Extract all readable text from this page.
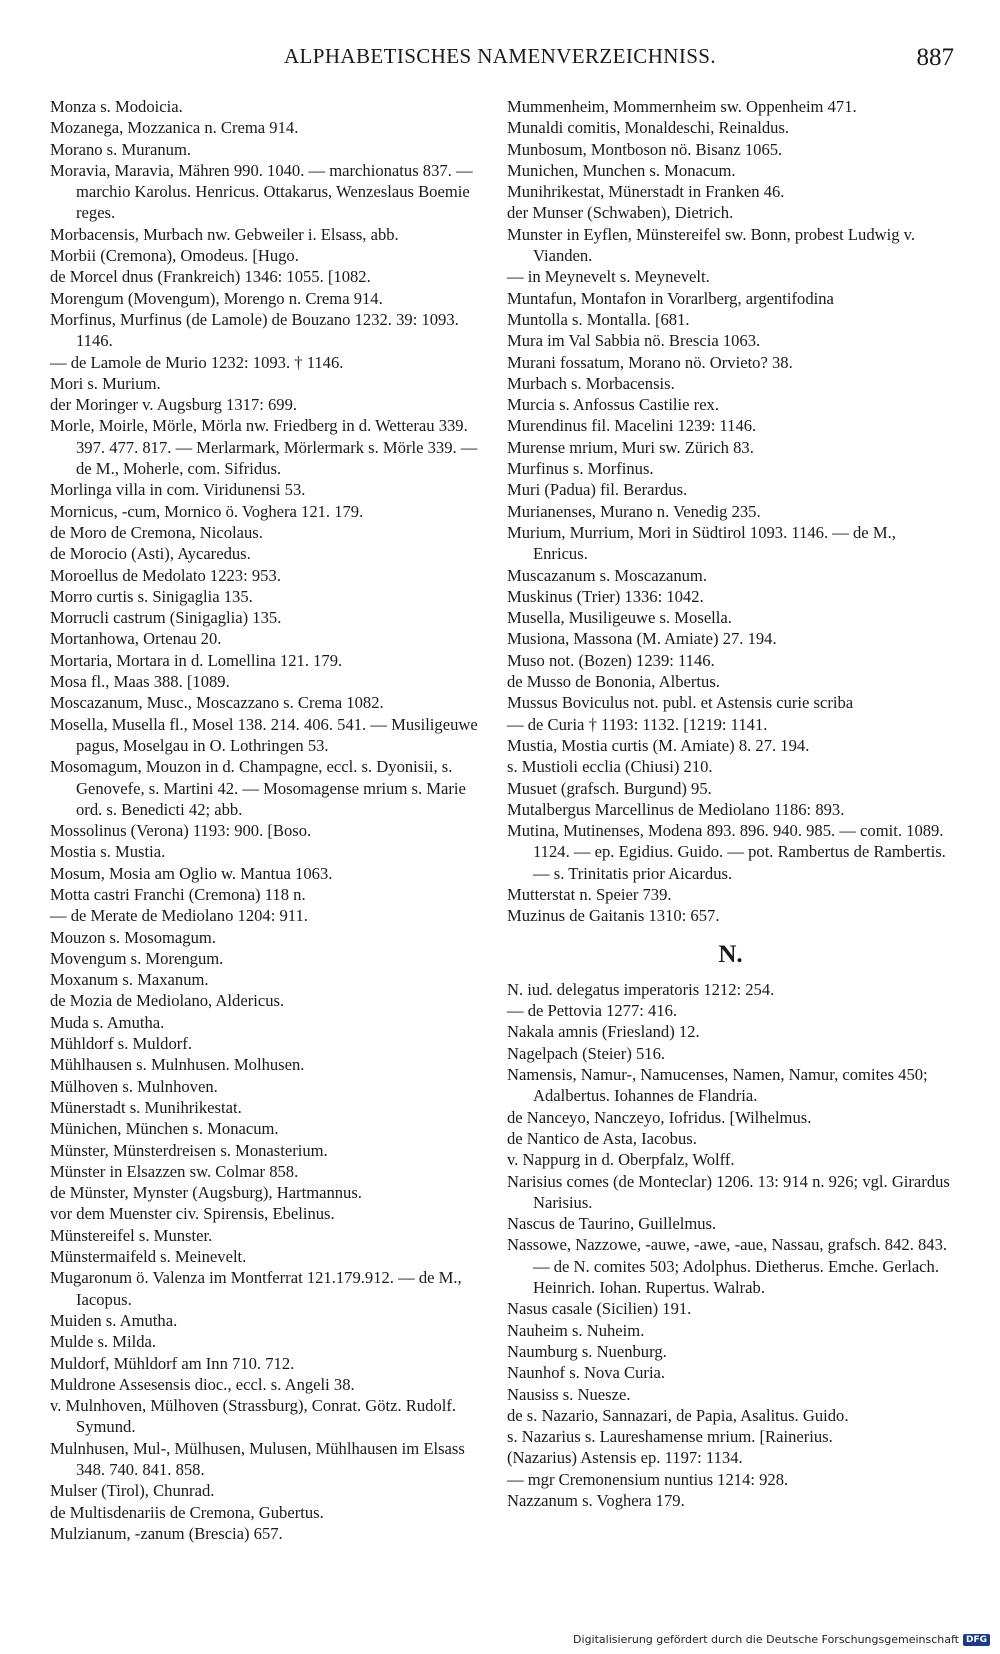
ALPHABETISCHES NAMENVERZEICHNISS.	887
Monza s. Modoicia.
Mozanega, Mozzanica n. Crema 914.
Morano s. Muranum.
Moravia, Maravia, Mähren 990. 1040. — marchionatus 837. — marchio Karolus. Henricus. Ottakarus, Wenzeslaus Boemie reges.
Morbacensis, Murbach nw. Gebweiler i. Elsass, abb.
Morbii (Cremona), Omodeus. [Hugo.
de Morcel dnus (Frankreich) 1346: 1055. [1082.
Morengum (Movengum), Morengo n. Crema 914.
Morfinus, Murfinus (de Lamole) de Bouzano 1232. 39: 1093. 1146.
— de Lamole de Murio 1232: 1093. † 1146.
Mori s. Murium.
der Moringer v. Augsburg 1317: 699.
Morle, Moirle, Mörle, Mörla nw. Friedberg in d. Wetterau 339. 397. 477. 817. — Merlarmark, Mörlermark s. Mörle 339. — de M., Moherle, com. Sifridus.
Morlinga villa in com. Viridunensi 53.
Mornicus, -cum, Mornico ö. Voghera 121. 179.
de Moro de Cremona, Nicolaus.
de Morocio (Asti), Aycaredus.
Moroellus de Medolato 1223: 953.
Morro curtis s. Sinigaglia 135.
Morrucli castrum (Sinigaglia) 135.
Mortanhowa, Ortenau 20.
Mortaria, Mortara in d. Lomellina 121. 179.
Mosa fl., Maas 388. [1089.
Moscazanum, Musc., Moscazzano s. Crema 1082.
Mosella, Musella fl., Mosel 138. 214. 406. 541. — Musiligeuwe pagus, Moselgau in O. Lothringen 53.
Mosomagum, Mouzon in d. Champagne, eccl. s. Dyonisii, s. Genovefe, s. Martini 42. — Mosomagense mrium s. Marie ord. s. Benedicti 42; abb.
Mossolinus (Verona) 1193: 900. [Boso.
Mostia s. Mustia.
Mosum, Mosia am Oglio w. Mantua 1063.
Motta castri Franchi (Cremona) 118 n.
— de Merate de Mediolano 1204: 911.
Mouzon s. Mosomagum.
Movengum s. Morengum.
Moxanum s. Maxanum.
de Mozia de Mediolano, Aldericus.
Muda s. Amutha.
Mühldorf s. Muldorf.
Mühlhausen s. Mulnhusen. Molhusen.
Mülhoven s. Mulnhoven.
Münerstadt s. Munihrikestat.
Münichen, München s. Monacum.
Münster, Münsterdreisen s. Monasterium.
Münster in Elsazzen sw. Colmar 858.
de Münster, Mynster (Augsburg), Hartmannus.
vor dem Muenster civ. Spirensis, Ebelinus.
Münstereifel s. Munster.
Münstermaifeld s. Meinevelt.
Mugaronum ö. Valenza im Montferrat 121.179.912. — de M., Iacopus.
Muiden s. Amutha.
Mulde s. Milda.
Muldorf, Mühldorf am Inn 710. 712.
Muldrone Assesensis dioc., eccl. s. Angeli 38.
v. Mulnhoven, Mülhoven (Strassburg), Conrat. Götz. Rudolf. Symund.
Mulnhusen, Mul-, Mülhusen, Mulusen, Mühlhausen im Elsass 348. 740. 841. 858.
Mulser (Tirol), Chunrad.
de Multisdenariis de Cremona, Gubertus.
Mulzianum, -zanum (Brescia) 657.
Mummenheim, Mommernheim sw. Oppenheim 471.
Munaldi comitis, Monaldeschi, Reinaldus.
Munbosum, Montboson nö. Bisanz 1065.
Munichen, Munchen s. Monacum.
Munihrikestat, Münerstadt in Franken 46.
der Munser (Schwaben), Dietrich.
Munster in Eyflen, Münstereifel sw. Bonn, probest Ludwig v. Vianden.
— in Meynevelt s. Meynevelt.
Muntafun, Montafon in Vorarlberg, argentifodina
Muntolla s. Montalla. [681.
Mura im Val Sabbia nö. Brescia 1063.
Murani fossatum, Morano nö. Orvieto? 38.
Murbach s. Morbacensis.
Murcia s. Anfossus Castilie rex.
Murendinus fil. Macelini 1239: 1146.
Murense mrium, Muri sw. Zürich 83.
Murfinus s. Morfinus.
Muri (Padua) fil. Berardus.
Murianenses, Murano n. Venedig 235.
Murium, Murrium, Mori in Südtirol 1093. 1146. — de M., Enricus.
Muscazanum s. Moscazanum.
Muskinus (Trier) 1336: 1042.
Musella, Musiligeuwe s. Mosella.
Musiona, Massona (M. Amiate) 27. 194.
Muso not. (Bozen) 1239: 1146.
de Musso de Bononia, Albertus.
Mussus Boviculus not. publ. et Astensis curie scriba
— de Curia † 1193: 1132. [1219: 1141.
Mustia, Mostia curtis (M. Amiate) 8. 27. 194.
s. Mustioli ecclia (Chiusi) 210.
Musuet (grafsch. Burgund) 95.
Mutalbergus Marcellinus de Mediolano 1186: 893.
Mutina, Mutinenses, Modena 893. 896. 940. 985. — comit. 1089. 1124. — ep. Egidius. Guido. — pot. Rambertus de Rambertis. — s. Trinitatis prior Aicardus.
Mutterstat n. Speier 739.
Muzinus de Gaitanis 1310: 657.
N.
N. iud. delegatus imperatoris 1212: 254.
— de Pettovia 1277: 416.
Nakala amnis (Friesland) 12.
Nagelpach (Steier) 516.
Namensis, Namur-, Namucenses, Namen, Namur, comites 450; Adalbertus. Iohannes de Flandria.
de Nanceyo, Nanczeyo, Iofridus. [Wilhelmus.
de Nantico de Asta, Iacobus.
v. Nappurg in d. Oberpfalz, Wolff.
Narisius comes (de Monteclar) 1206. 13: 914 n. 926; vgl. Girardus Narisius.
Nascus de Taurino, Guillelmus.
Nassowe, Nazzowe, -auwe, -awe, -aue, Nassau, grafsch. 842. 843. — de N. comites 503; Adolphus. Dietherus. Emche. Gerlach. Heinrich. Iohan. Rupertus. Walrab.
Nasus casale (Sicilien) 191.
Nauheim s. Nuheim.
Naumburg s. Nuenburg.
Naunhof s. Nova Curia.
Nausiss s. Nuesze.
de s. Nazario, Sannazari, de Papia, Asalitus. Guido.
s. Nazarius s. Laureshamense mrium. [Rainerius.
(Nazarius) Astensis ep. 1197: 1134.
— mgr Cremonensium nuntius 1214: 928.
Nazzanum s. Voghera 179.
Digitalisierung gefördert durch die Deutsche Forschungsgemeinschaft DFG
